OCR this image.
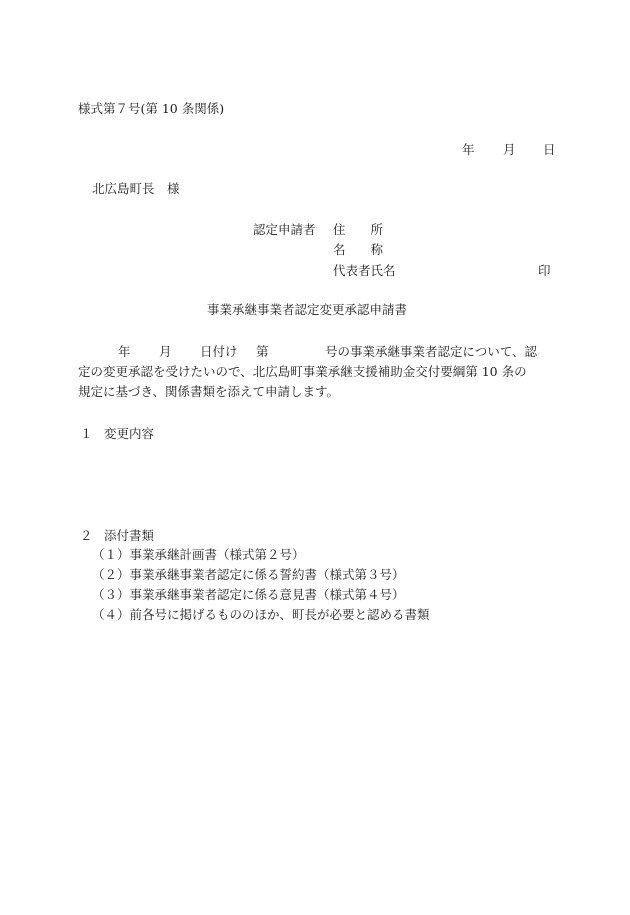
様式第７号(第 10 条関係)
年 月 日
北広島町長　様
認定申請者 住　　所
名　　称
代表者氏名	印
事業承継事業者認定変更承認申請書
年 月 日付け 第	号の事業承継事業者認定について、認
定の変更承認を受けたいので、北広島町事業承継支援補助金交付要綱第 10 条の
規定に基づき、関係書類を添えて申請します。
１ 変更内容
２ 添付書類
（１）事業承継計画書（様式第２号）
（２）事業承継事業者認定に係る誓約書（様式第３号）
（３）事業承継事業者認定に係る意見書（様式第４号）
（４）前各号に掲げるもののほか、町長が必要と認める書類
